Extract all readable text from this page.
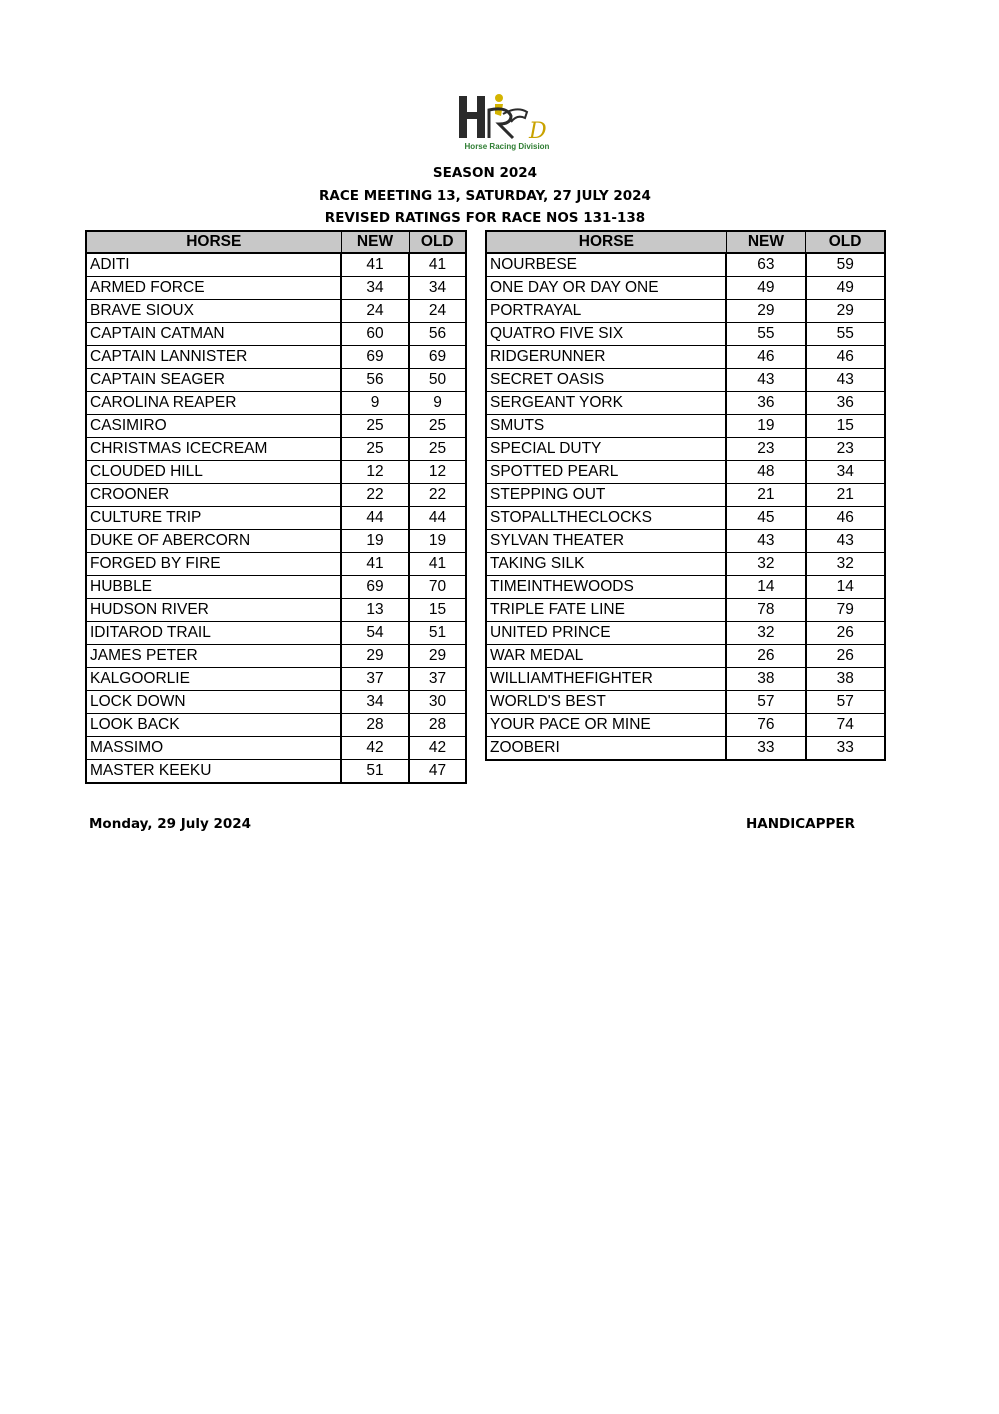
D
Horse Racing Division
SEASON 2024
RACE MEETING 13, SATURDAY, 27 JULY 2024
REVISED RATINGS FOR RACE NOS 131-138
HORSE	NEW	OLD
ADITI	41	41
ARMED FORCE	34	34
BRAVE SIOUX	24	24
CAPTAIN CATMAN	60	56
CAPTAIN LANNISTER	69	69
CAPTAIN SEAGER	56	50
CAROLINA REAPER	9	9
CASIMIRO	25	25
CHRISTMAS ICECREAM	25	25
CLOUDED HILL	12	12
CROONER	22	22
CULTURE TRIP	44	44
DUKE OF ABERCORN	19	19
FORGED BY FIRE	41	41
HUBBLE	69	70
HUDSON RIVER	13	15
IDITAROD TRAIL	54	51
JAMES PETER	29	29
KALGOORLIE	37	37
LOCK DOWN	34	30
LOOK BACK	28	28
MASSIMO	42	42
MASTER KEEKU	51	47
HORSE	NEW	OLD
NOURBESE	63	59
ONE DAY OR DAY ONE	49	49
PORTRAYAL	29	29
QUATRO FIVE SIX	55	55
RIDGERUNNER	46	46
SECRET OASIS	43	43
SERGEANT YORK	36	36
SMUTS	19	15
SPECIAL DUTY	23	23
SPOTTED PEARL	48	34
STEPPING OUT	21	21
STOPALLTHECLOCKS	45	46
SYLVAN THEATER	43	43
TAKING SILK	32	32
TIMEINTHEWOODS	14	14
TRIPLE FATE LINE	78	79
UNITED PRINCE	32	26
WAR MEDAL	26	26
WILLIAMTHEFIGHTER	38	38
WORLD'S BEST	57	57
YOUR PACE OR MINE	76	74
ZOOBERI	33	33
Monday, 29 July 2024	HANDICAPPER
